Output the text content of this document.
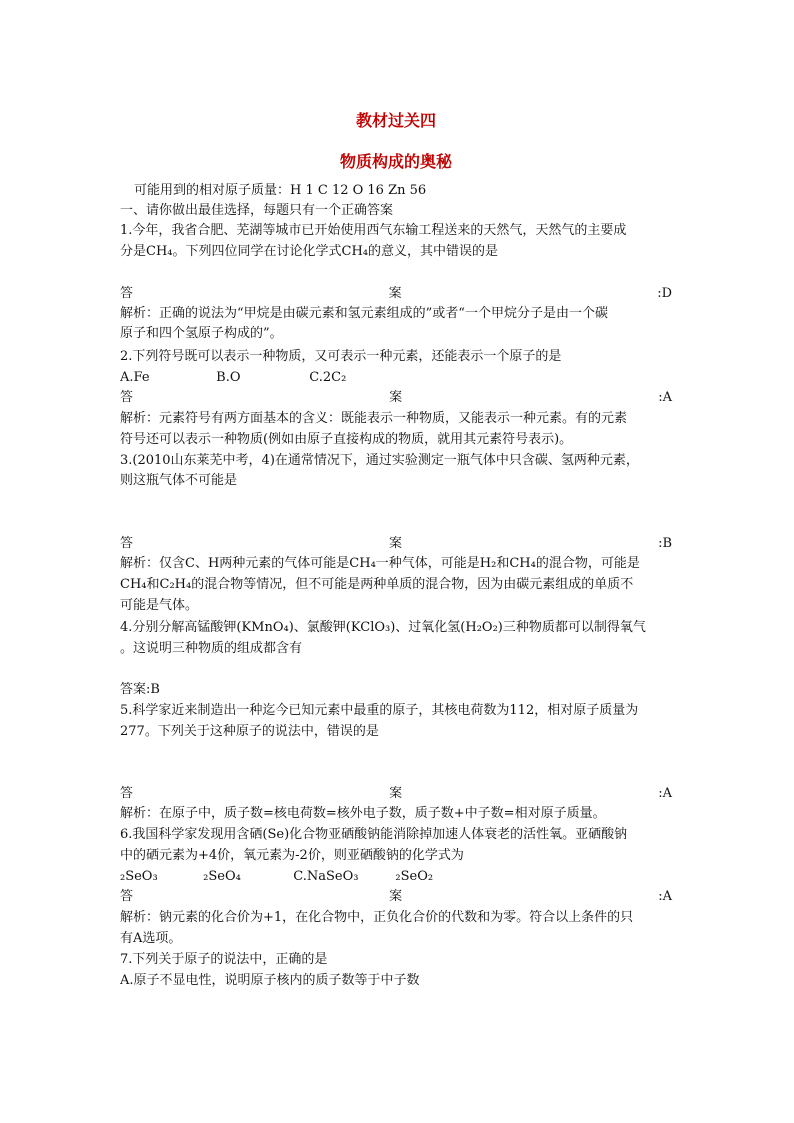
教材过关四
物质构成的奥秘
可能用到的相对原子质量：H 1 C 12 O 16 Zn 56
一、请你做出最佳选择，每题只有一个正确答案
1.今年，我省合肥、芜湖等城市已开始使用西气东输工程送来的天然气，天然气的主要成
分是CH₄。下列四位同学在讨论化学式CH₄的意义，其中错误的是
答	案	:D
解析：正确的说法为“甲烷是由碳元素和氢元素组成的”或者“一个甲烷分子是由一个碳
原子和四个氢原子构成的”。
2.下列符号既可以表示一种物质，又可表示一种元素，还能表示一个原子的是
A.Fe	B.O	C.2C₂
答	案	:A
解析：元素符号有两方面基本的含义：既能表示一种物质，又能表示一种元素。有的元素
符号还可以表示一种物质(例如由原子直接构成的物质，就用其元素符号表示)。
3.(2010山东莱芜中考，4)在通常情况下，通过实验测定一瓶气体中只含碳、氢两种元素，
则这瓶气体不可能是
答	案	:B
解析：仅含C、H两种元素的气体可能是CH₄一种气体，可能是H₂和CH₄的混合物，可能是
CH₄和C₂H₄的混合物等情况，但不可能是两种单质的混合物，因为由碳元素组成的单质不
可能是气体。
4.分别分解高锰酸钾(KMnO₄)、氯酸钾(KClO₃)、过氧化氢(H₂O₂)三种物质都可以制得氧气
。这说明三种物质的组成都含有
答案:B
5.科学家近来制造出一种迄今已知元素中最重的原子，其核电荷数为112，相对原子质量为
277。下列关于这种原子的说法中，错误的是
答	案	:A
解析：在原子中，质子数=核电荷数=核外电子数，质子数+中子数=相对原子质量。
6.我国科学家发现用含硒(Se)化合物亚硒酸钠能消除掉加速人体衰老的活性氧。亚硒酸钠
中的硒元素为+4价，氧元素为-2价，则亚硒酸钠的化学式为
₂SeO₃	₂SeO₄	C.NaSeO₃	₂SeO₂
答	案	:A
解析：钠元素的化合价为+1，在化合物中，正负化合价的代数和为零。符合以上条件的只
有A选项。
7.下列关于原子的说法中，正确的是
A.原子不显电性，说明原子核内的质子数等于中子数
